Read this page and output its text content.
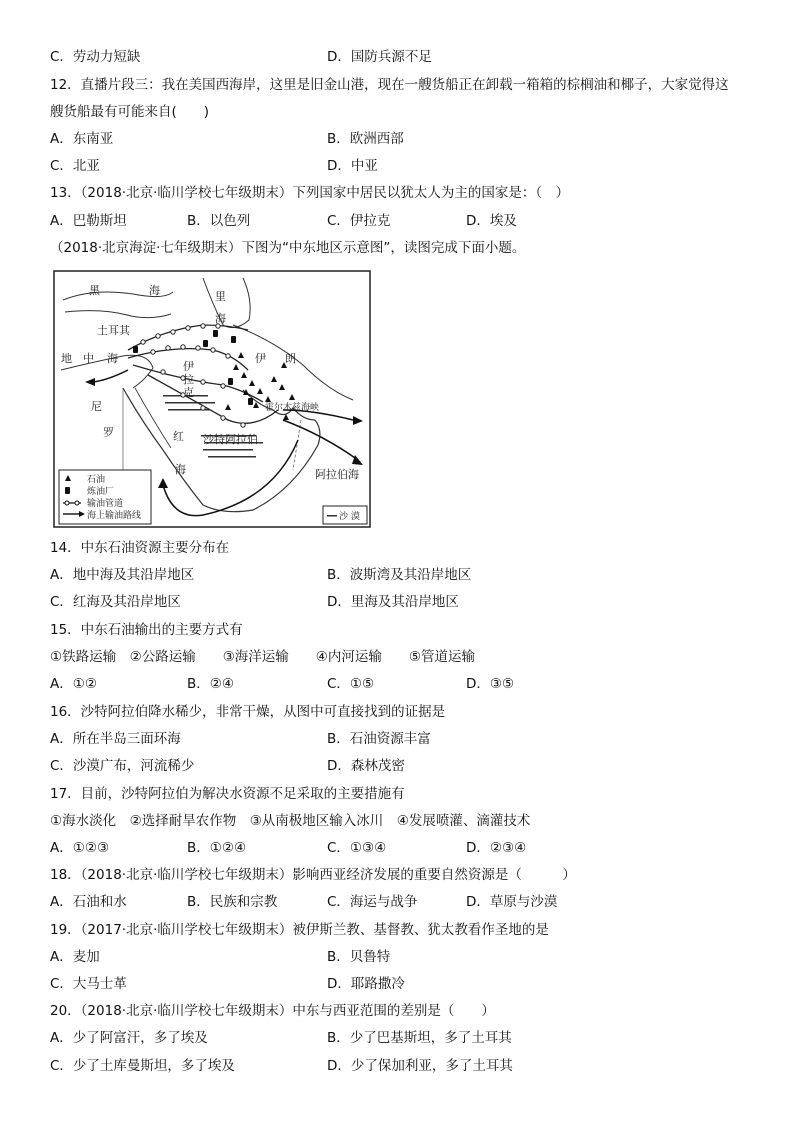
C．劳动力短缺	D．国防兵源不足
12．直播片段三：我在美国西海岸，这里是旧金山港，现在一艘货船正在卸载一箱箱的棕榈油和椰子，大家觉得这
艘货船最有可能来自(　　)
A．东南亚	B．欧洲西部
C．北亚	D．中亚
13．（2018·北京·临川学校七年级期末）下列国家中居民以犹太人为主的国家是：（　）
A．巴勒斯坦	B．以色列	C．伊拉克	D．埃及
（2018·北京海淀·七年级期末）下图为“中东地区示意图”，读图完成下面小题。
黑	海	里
海
土耳其
地 中 海	伊 朗
伊
拉
克
尼
罗	红
海
沙特阿拉伯
阿拉伯海
霍尔木兹海峡
石油
炼油厂
输油管道
海上输油路线	沙 漠
14．中东石油资源主要分布在
A．地中海及其沿岸地区	B．波斯湾及其沿岸地区
C．红海及其沿岸地区	D．里海及其沿岸地区
15．中东石油输出的主要方式有
①铁路运输　②公路运输　　③海洋运输　　④内河运输　　⑤管道运输
A．①②	B．②④	C．①⑤	D．③⑤
16．沙特阿拉伯降水稀少，非常干燥，从图中可直接找到的证据是
A．所在半岛三面环海	B．石油资源丰富
C．沙漠广布，河流稀少	D．森林茂密
17．目前，沙特阿拉伯为解决水资源不足采取的主要措施有
①海水淡化　②选择耐旱农作物　③从南极地区输入冰川　④发展喷灌、滴灌技术
A．①②③	B．①②④	C．①③④	D．②③④
18．（2018·北京·临川学校七年级期末）影响西亚经济发展的重要自然资源是（　　　）
A．石油和水	B．民族和宗教	C．海运与战争	D．草原与沙漠
19．（2017·北京·临川学校七年级期末）被伊斯兰教、基督教、犹太教看作圣地的是
A．麦加	B．贝鲁特
C．大马士革	D．耶路撒冷
20．（2018·北京·临川学校七年级期末）中东与西亚范围的差别是（　　）
A．少了阿富汗，多了埃及	B．少了巴基斯坦，多了土耳其
C．少了土库曼斯坦，多了埃及	D．少了保加利亚，多了土耳其
